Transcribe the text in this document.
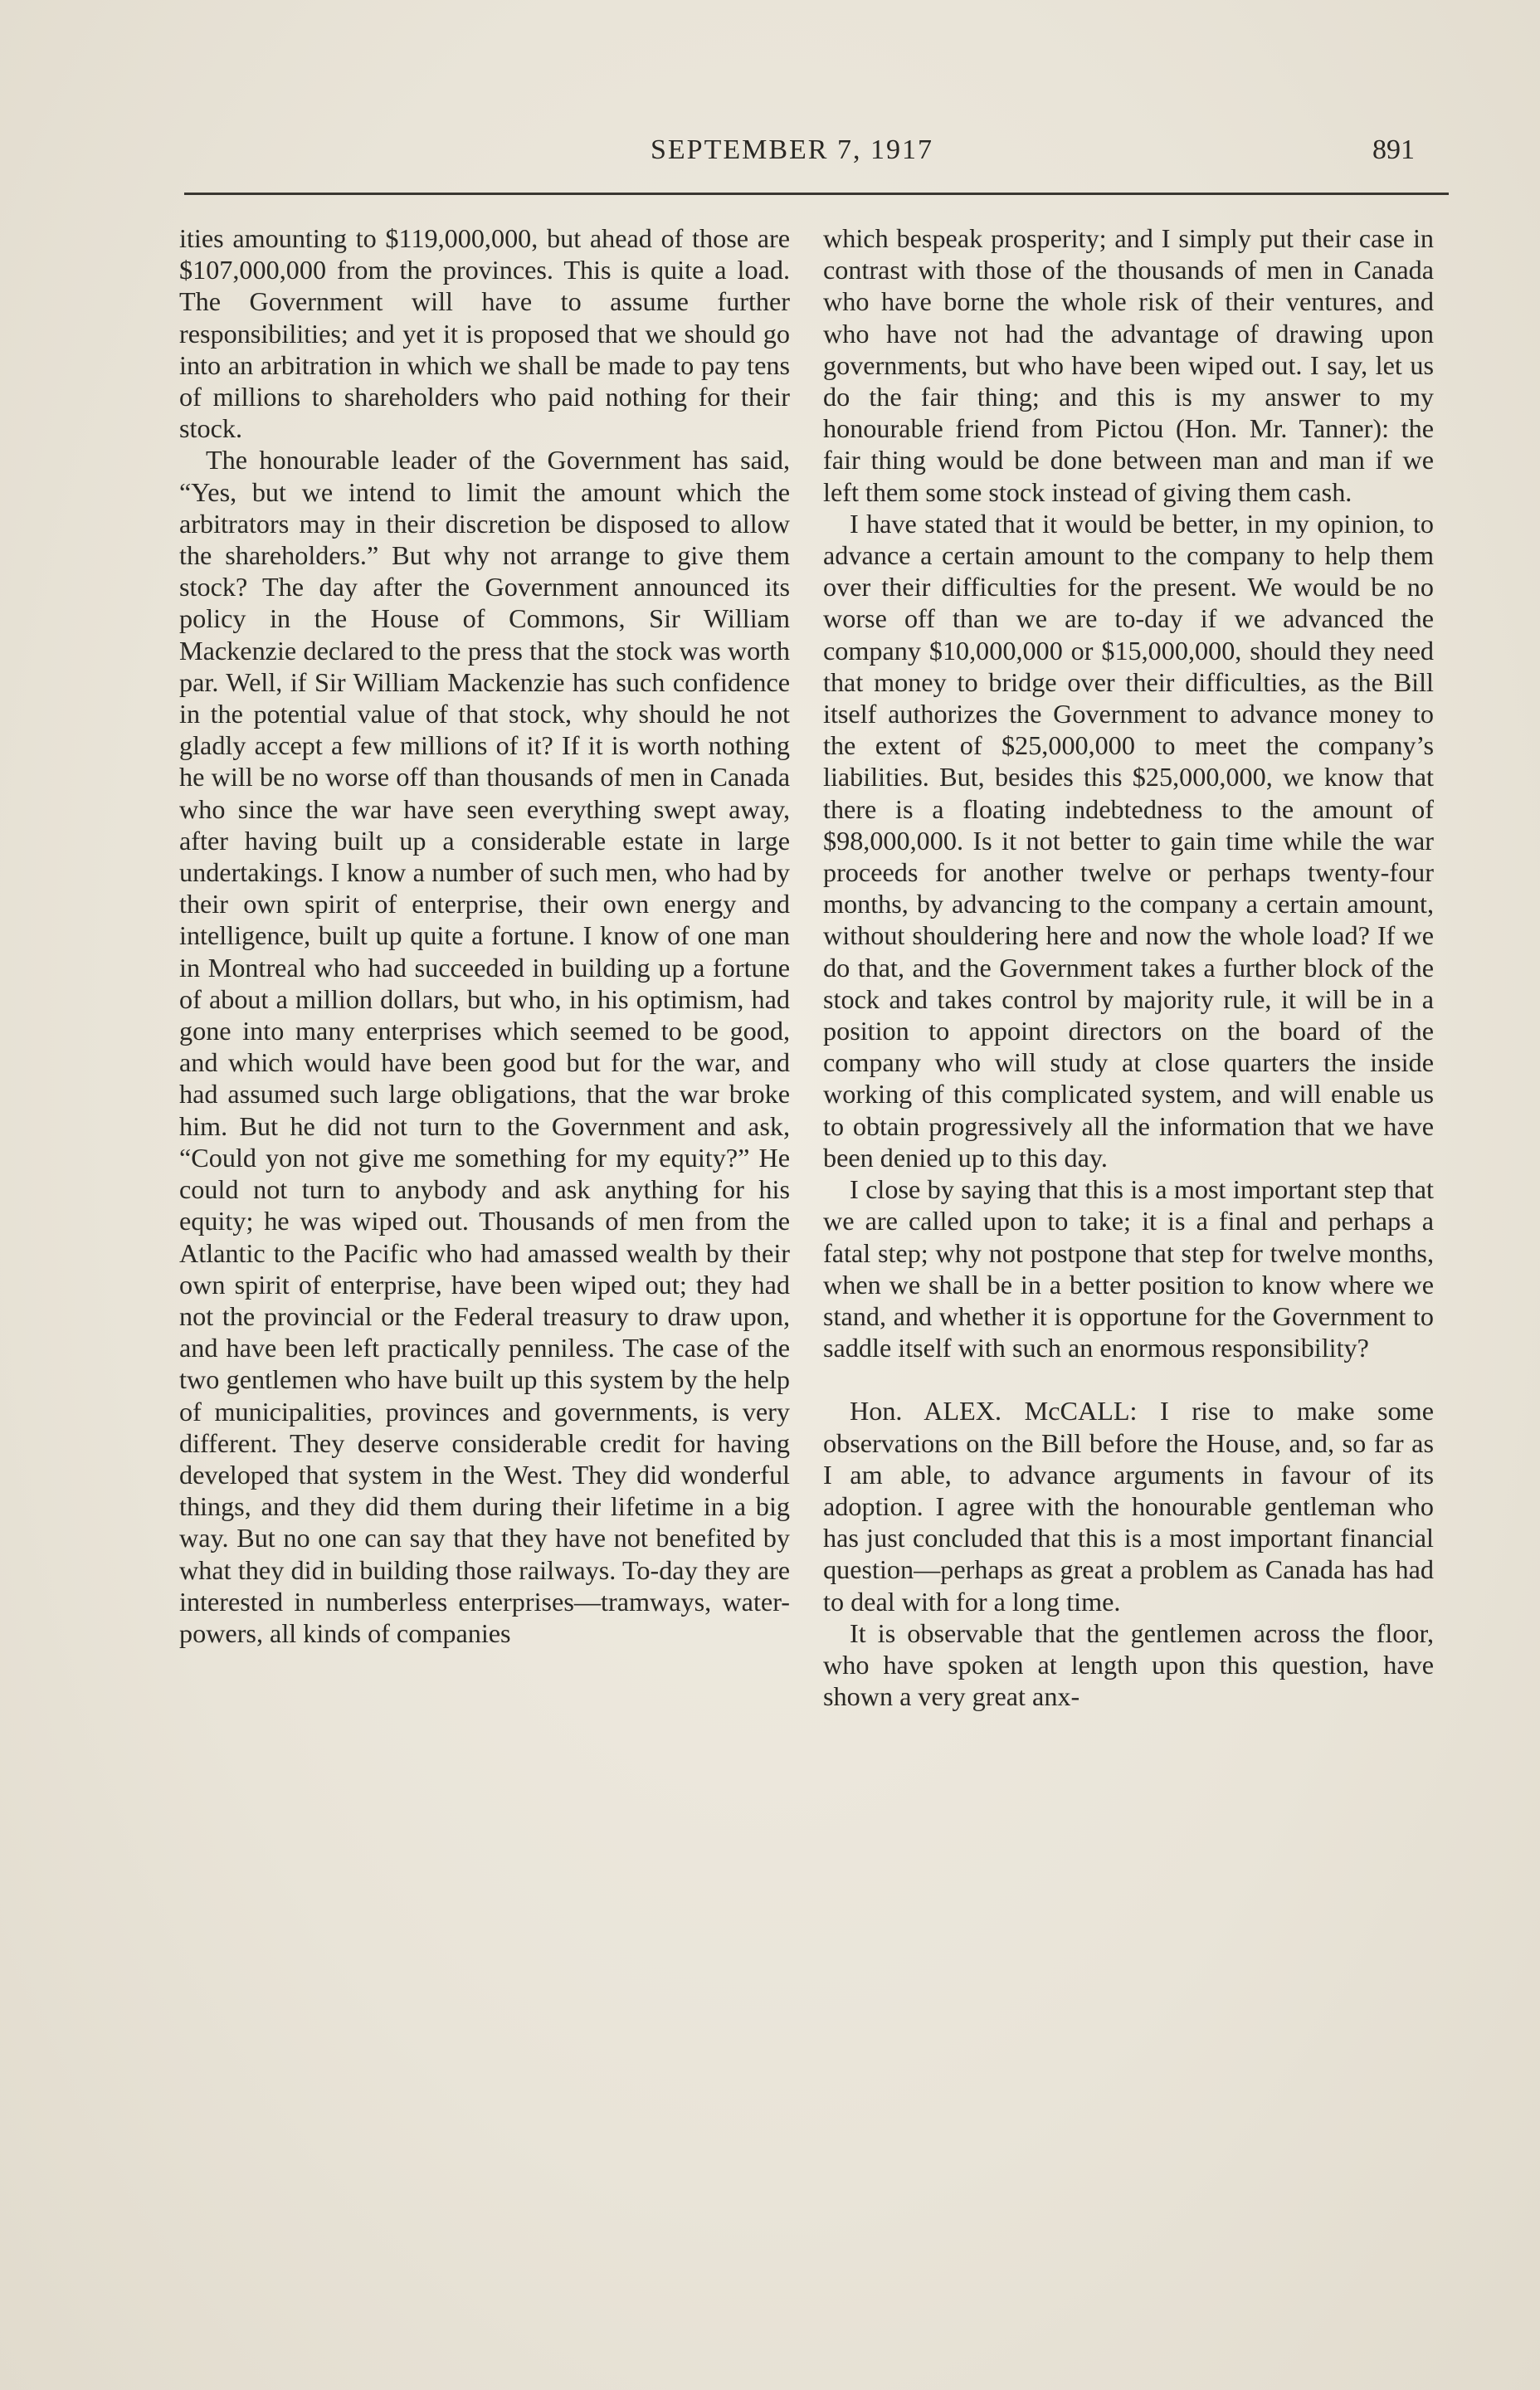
SEPTEMBER 7, 1917	891

ities amounting to $119,000,000, but ahead of those are $107,000,000 from the provinces. This is quite a load. The Government will have to assume further responsibilities; and yet it is proposed that we should go into an arbitration in which we shall be made to pay tens of millions to shareholders who paid nothing for their stock.

The honourable leader of the Government has said, “Yes, but we intend to limit the amount which the arbitrators may in their discretion be disposed to allow the shareholders.” But why not arrange to give them stock? The day after the Government announced its policy in the House of Commons, Sir William Mackenzie declared to the press that the stock was worth par. Well, if Sir William Mackenzie has such confidence in the potential value of that stock, why should he not gladly accept a few millions of it? If it is worth nothing he will be no worse off than thousands of men in Canada who since the war have seen everything swept away, after having built up a considerable estate in large undertakings. I know a number of such men, who had by their own spirit of enterprise, their own energy and intelligence, built up quite a fortune. I know of one man in Montreal who had succeeded in building up a fortune of about a million dollars, but who, in his optimism, had gone into many enterprises which seemed to be good, and which would have been good but for the war, and had assumed such large obligations, that the war broke him. But he did not turn to the Government and ask, “Could yon not give me something for my equity?” He could not turn to anybody and ask anything for his equity; he was wiped out. Thousands of men from the Atlantic to the Pacific who had amassed wealth by their own spirit of enterprise, have been wiped out; they had not the provincial or the Federal treasury to draw upon, and have been left practically penniless. The case of the two gentlemen who have built up this system by the help of municipalities, provinces and governments, is very different. They deserve considerable credit for having developed that system in the West. They did wonderful things, and they did them during their lifetime in a big way. But no one can say that they have not benefited by what they did in building those railways. To-day they are interested in numberless enterprises—tramways, water-powers, all kinds of companies

which bespeak prosperity; and I simply put their case in contrast with those of the thousands of men in Canada who have borne the whole risk of their ventures, and who have not had the advantage of drawing upon governments, but who have been wiped out. I say, let us do the fair thing; and this is my answer to my honourable friend from Pictou (Hon. Mr. Tanner): the fair thing would be done between man and man if we left them some stock instead of giving them cash.

I have stated that it would be better, in my opinion, to advance a certain amount to the company to help them over their difficulties for the present. We would be no worse off than we are to-day if we advanced the company $10,000,000 or $15,000,000, should they need that money to bridge over their difficulties, as the Bill itself authorizes the Government to advance money to the extent of $25,000,000 to meet the company’s liabilities. But, besides this $25,000,000, we know that there is a floating indebtedness to the amount of $98,000,000. Is it not better to gain time while the war proceeds for another twelve or perhaps twenty-four months, by advancing to the company a certain amount, without shouldering here and now the whole load? If we do that, and the Government takes a further block of the stock and takes control by majority rule, it will be in a position to appoint directors on the board of the company who will study at close quarters the inside working of this complicated system, and will enable us to obtain progressively all the information that we have been denied up to this day.

I close by saying that this is a most important step that we are called upon to take; it is a final and perhaps a fatal step; why not postpone that step for twelve months, when we shall be in a better position to know where we stand, and whether it is opportune for the Government to saddle itself with such an enormous responsibility?

Hon. ALEX. McCALL: I rise to make some observations on the Bill before the House, and, so far as I am able, to advance arguments in favour of its adoption. I agree with the honourable gentleman who has just concluded that this is a most important financial question—perhaps as great a problem as Canada has had to deal with for a long time.

It is observable that the gentlemen across the floor, who have spoken at length upon this question, have shown a very great anx-
